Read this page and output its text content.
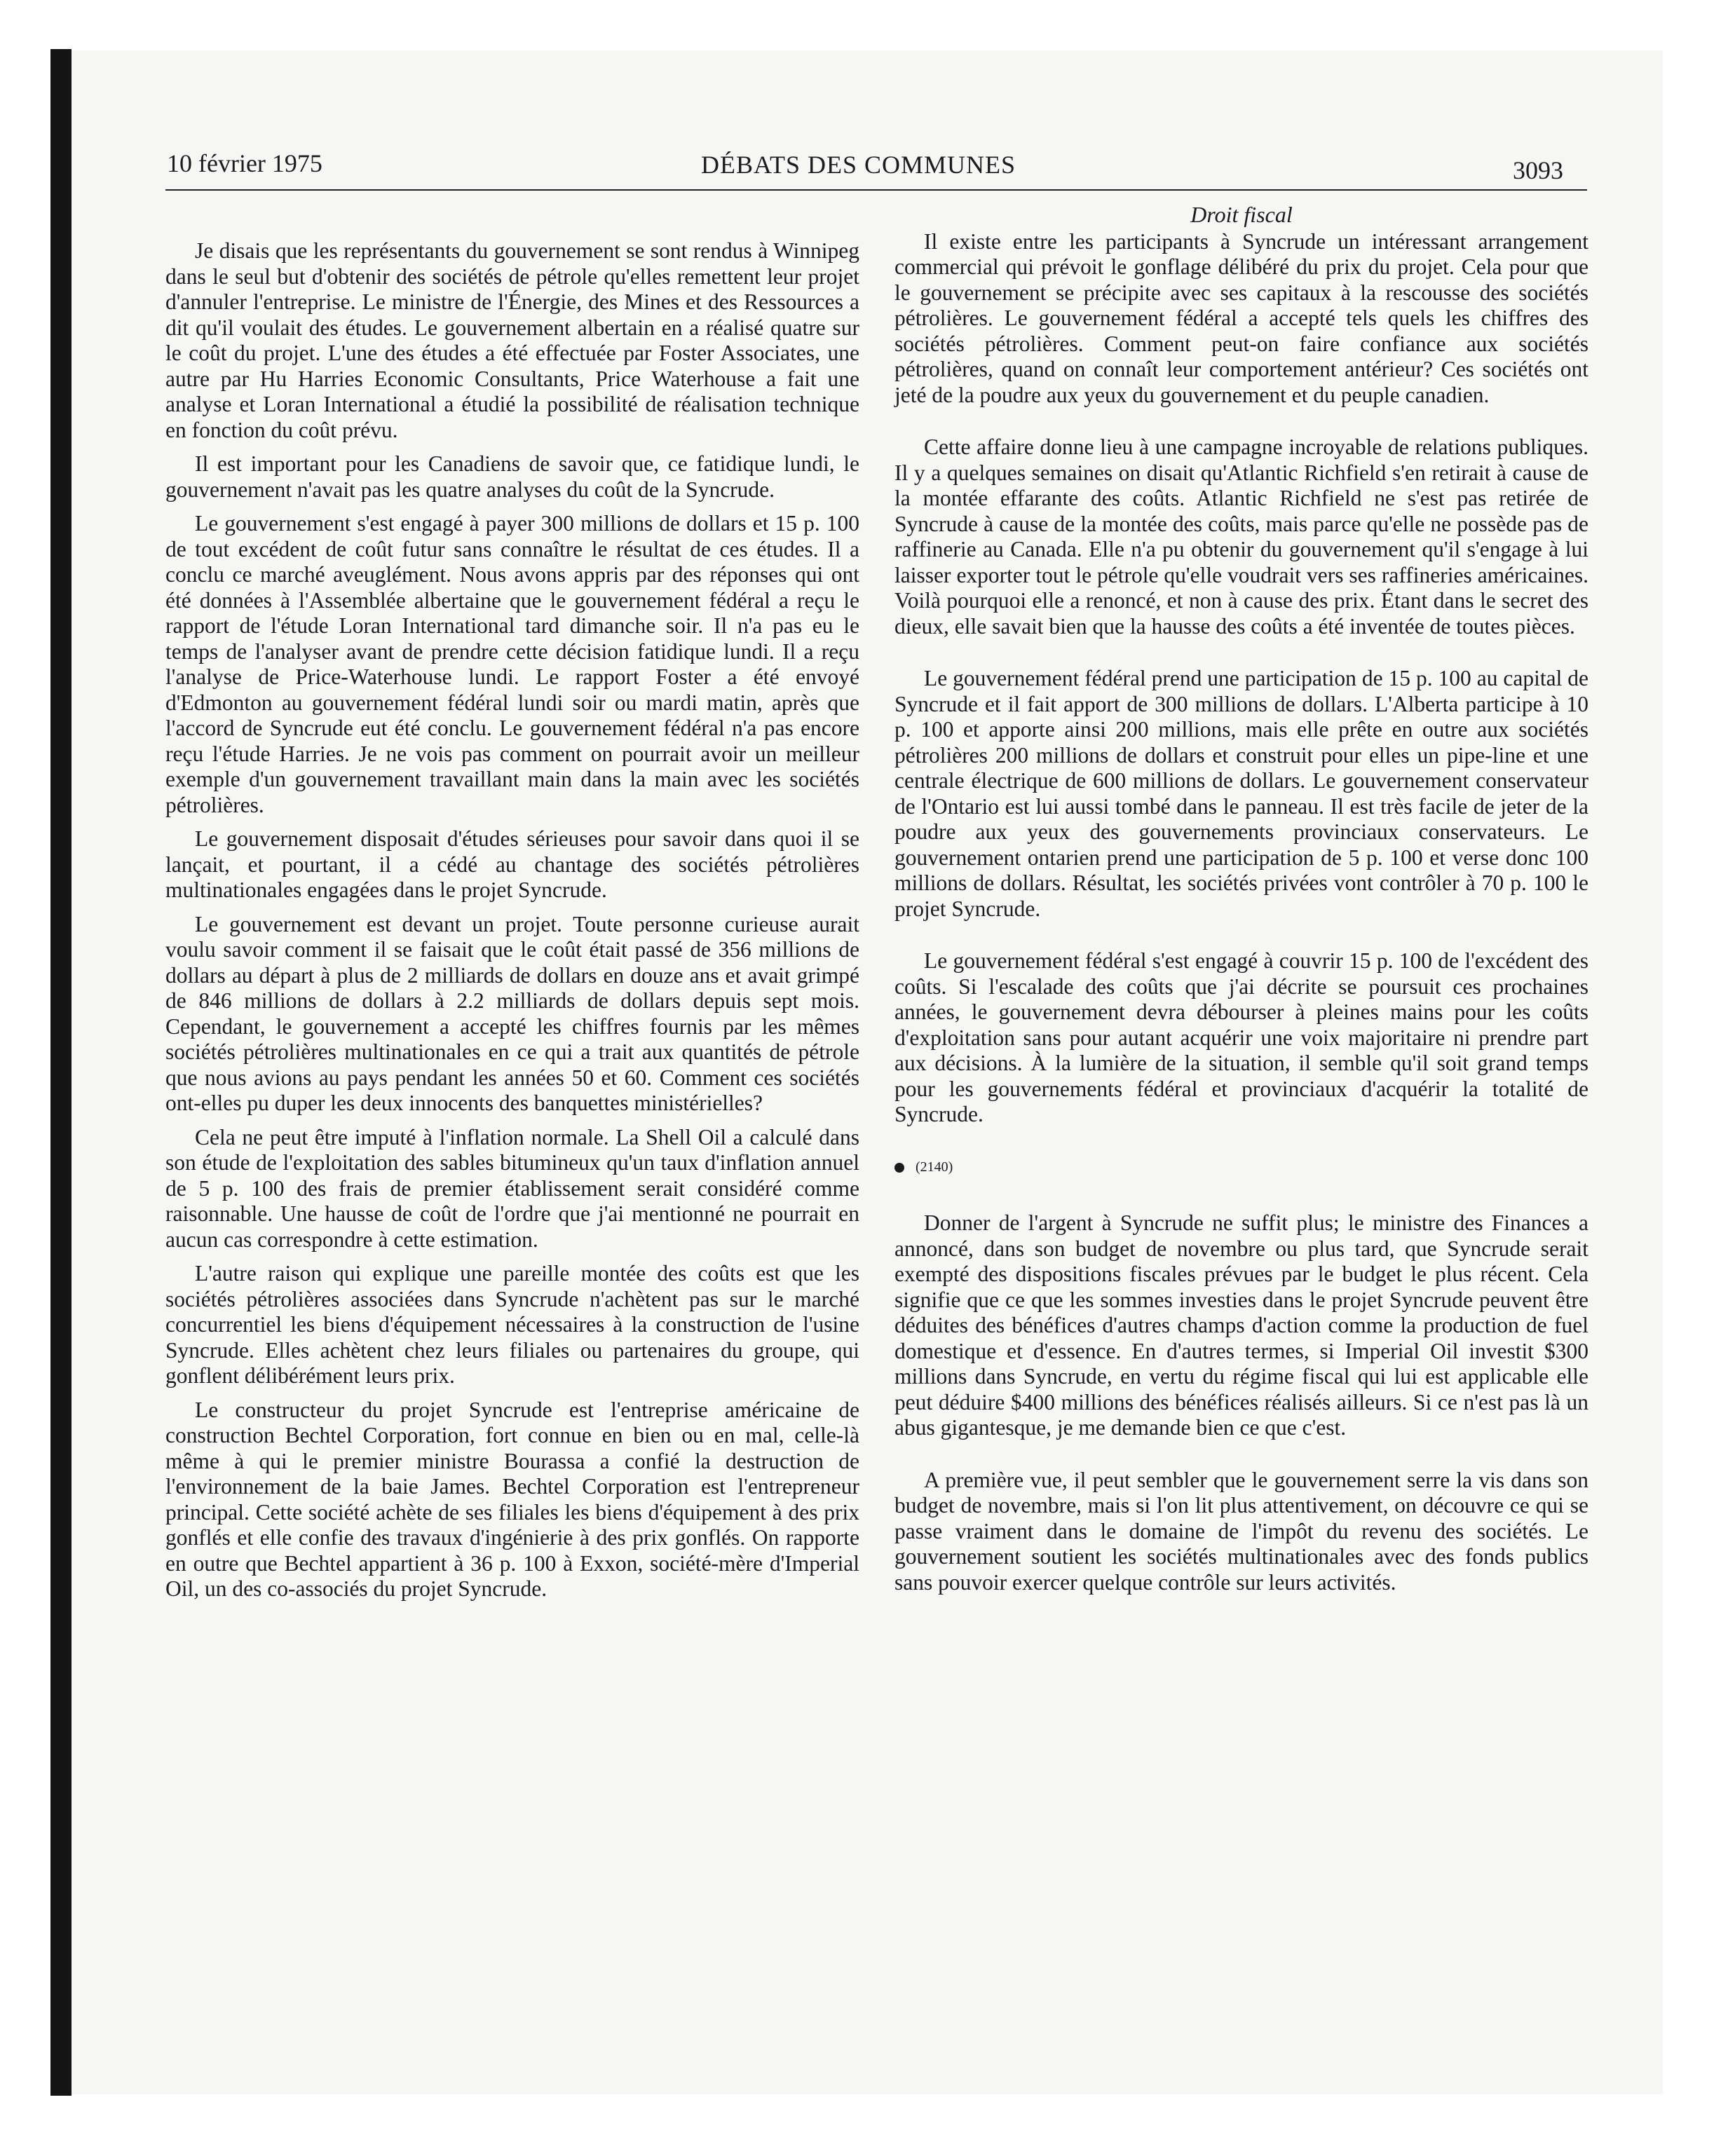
10 février 1975	DÉBATS DES COMMUNES	3093

Je disais que les représentants du gouvernement se sont rendus à Winnipeg dans le seul but d'obtenir des sociétés de pétrole qu'elles remettent leur projet d'annuler l'entreprise. Le ministre de l'Énergie, des Mines et des Ressources a dit qu'il voulait des études. Le gouvernement albertain en a réalisé quatre sur le coût du projet. L'une des études a été effectuée par Foster Associates, une autre par Hu Harries Economic Consultants, Price Waterhouse a fait une analyse et Loran International a étudié la possibilité de réalisation technique en fonction du coût prévu.

Il est important pour les Canadiens de savoir que, ce fatidique lundi, le gouvernement n'avait pas les quatre analyses du coût de la Syncrude.

Le gouvernement s'est engagé à payer 300 millions de dollars et 15 p. 100 de tout excédent de coût futur sans connaître le résultat de ces études. Il a conclu ce marché aveuglément. Nous avons appris par des réponses qui ont été données à l'Assemblée albertaine que le gouvernement fédéral a reçu le rapport de l'étude Loran International tard dimanche soir. Il n'a pas eu le temps de l'analyser avant de prendre cette décision fatidique lundi. Il a reçu l'analyse de Price-Waterhouse lundi. Le rapport Foster a été envoyé d'Edmonton au gouvernement fédéral lundi soir ou mardi matin, après que l'accord de Syncrude eut été conclu. Le gouvernement fédéral n'a pas encore reçu l'étude Harries. Je ne vois pas comment on pourrait avoir un meilleur exemple d'un gouvernement travaillant main dans la main avec les sociétés pétrolières.

Le gouvernement disposait d'études sérieuses pour savoir dans quoi il se lançait, et pourtant, il a cédé au chantage des sociétés pétrolières multinationales engagées dans le projet Syncrude.

Le gouvernement est devant un projet. Toute personne curieuse aurait voulu savoir comment il se faisait que le coût était passé de 356 millions de dollars au départ à plus de 2 milliards de dollars en douze ans et avait grimpé de 846 millions de dollars à 2.2 milliards de dollars depuis sept mois. Cependant, le gouvernement a accepté les chiffres fournis par les mêmes sociétés pétrolières multinationales en ce qui a trait aux quantités de pétrole que nous avions au pays pendant les années 50 et 60. Comment ces sociétés ont-elles pu duper les deux innocents des banquettes ministérielles?

Cela ne peut être imputé à l'inflation normale. La Shell Oil a calculé dans son étude de l'exploitation des sables bitumineux qu'un taux d'inflation annuel de 5 p. 100 des frais de premier établissement serait considéré comme raisonnable. Une hausse de coût de l'ordre que j'ai mentionné ne pourrait en aucun cas correspondre à cette estimation.

L'autre raison qui explique une pareille montée des coûts est que les sociétés pétrolières associées dans Syncrude n'achètent pas sur le marché concurrentiel les biens d'équipement nécessaires à la construction de l'usine Syncrude. Elles achètent chez leurs filiales ou partenaires du groupe, qui gonflent délibérément leurs prix.

Le constructeur du projet Syncrude est l'entreprise américaine de construction Bechtel Corporation, fort connue en bien ou en mal, celle-là même à qui le premier ministre Bourassa a confié la destruction de l'environnement de la baie James. Bechtel Corporation est l'entrepreneur principal. Cette société achète de ses filiales les biens d'équipement à des prix gonflés et elle confie des travaux d'ingénierie à des prix gonflés. On rapporte en outre que Bechtel appartient à 36 p. 100 à Exxon, société-mère d'Imperial Oil, un des co-associés du projet Syncrude.

Droit fiscal

Il existe entre les participants à Syncrude un intéressant arrangement commercial qui prévoit le gonflage délibéré du prix du projet. Cela pour que le gouvernement se précipite avec ses capitaux à la rescousse des sociétés pétrolières. Le gouvernement fédéral a accepté tels quels les chiffres des sociétés pétrolières. Comment peut-on faire confiance aux sociétés pétrolières, quand on connaît leur comportement antérieur? Ces sociétés ont jeté de la poudre aux yeux du gouvernement et du peuple canadien.

Cette affaire donne lieu à une campagne incroyable de relations publiques. Il y a quelques semaines on disait qu'Atlantic Richfield s'en retirait à cause de la montée effarante des coûts. Atlantic Richfield ne s'est pas retirée de Syncrude à cause de la montée des coûts, mais parce qu'elle ne possède pas de raffinerie au Canada. Elle n'a pu obtenir du gouvernement qu'il s'engage à lui laisser exporter tout le pétrole qu'elle voudrait vers ses raffineries américaines. Voilà pourquoi elle a renoncé, et non à cause des prix. Étant dans le secret des dieux, elle savait bien que la hausse des coûts a été inventée de toutes pièces.

Le gouvernement fédéral prend une participation de 15 p. 100 au capital de Syncrude et il fait apport de 300 millions de dollars. L'Alberta participe à 10 p. 100 et apporte ainsi 200 millions, mais elle prête en outre aux sociétés pétrolières 200 millions de dollars et construit pour elles un pipe-line et une centrale électrique de 600 millions de dollars. Le gouvernement conservateur de l'Ontario est lui aussi tombé dans le panneau. Il est très facile de jeter de la poudre aux yeux des gouvernements provinciaux conservateurs. Le gouvernement ontarien prend une participation de 5 p. 100 et verse donc 100 millions de dollars. Résultat, les sociétés privées vont contrôler à 70 p. 100 le projet Syncrude.

Le gouvernement fédéral s'est engagé à couvrir 15 p. 100 de l'excédent des coûts. Si l'escalade des coûts que j'ai décrite se poursuit ces prochaines années, le gouvernement devra débourser à pleines mains pour les coûts d'exploitation sans pour autant acquérir une voix majoritaire ni prendre part aux décisions. À la lumière de la situation, il semble qu'il soit grand temps pour les gouvernements fédéral et provinciaux d'acquérir la totalité de Syncrude.

(2140)

Donner de l'argent à Syncrude ne suffit plus; le ministre des Finances a annoncé, dans son budget de novembre ou plus tard, que Syncrude serait exempté des dispositions fiscales prévues par le budget le plus récent. Cela signifie que ce que les sommes investies dans le projet Syncrude peuvent être déduites des bénéfices d'autres champs d'action comme la production de fuel domestique et d'essence. En d'autres termes, si Imperial Oil investit $300 millions dans Syncrude, en vertu du régime fiscal qui lui est applicable elle peut déduire $400 millions des bénéfices réalisés ailleurs. Si ce n'est pas là un abus gigantesque, je me demande bien ce que c'est.

A première vue, il peut sembler que le gouvernement serre la vis dans son budget de novembre, mais si l'on lit plus attentivement, on découvre ce qui se passe vraiment dans le domaine de l'impôt du revenu des sociétés. Le gouvernement soutient les sociétés multinationales avec des fonds publics sans pouvoir exercer quelque contrôle sur leurs activités.
